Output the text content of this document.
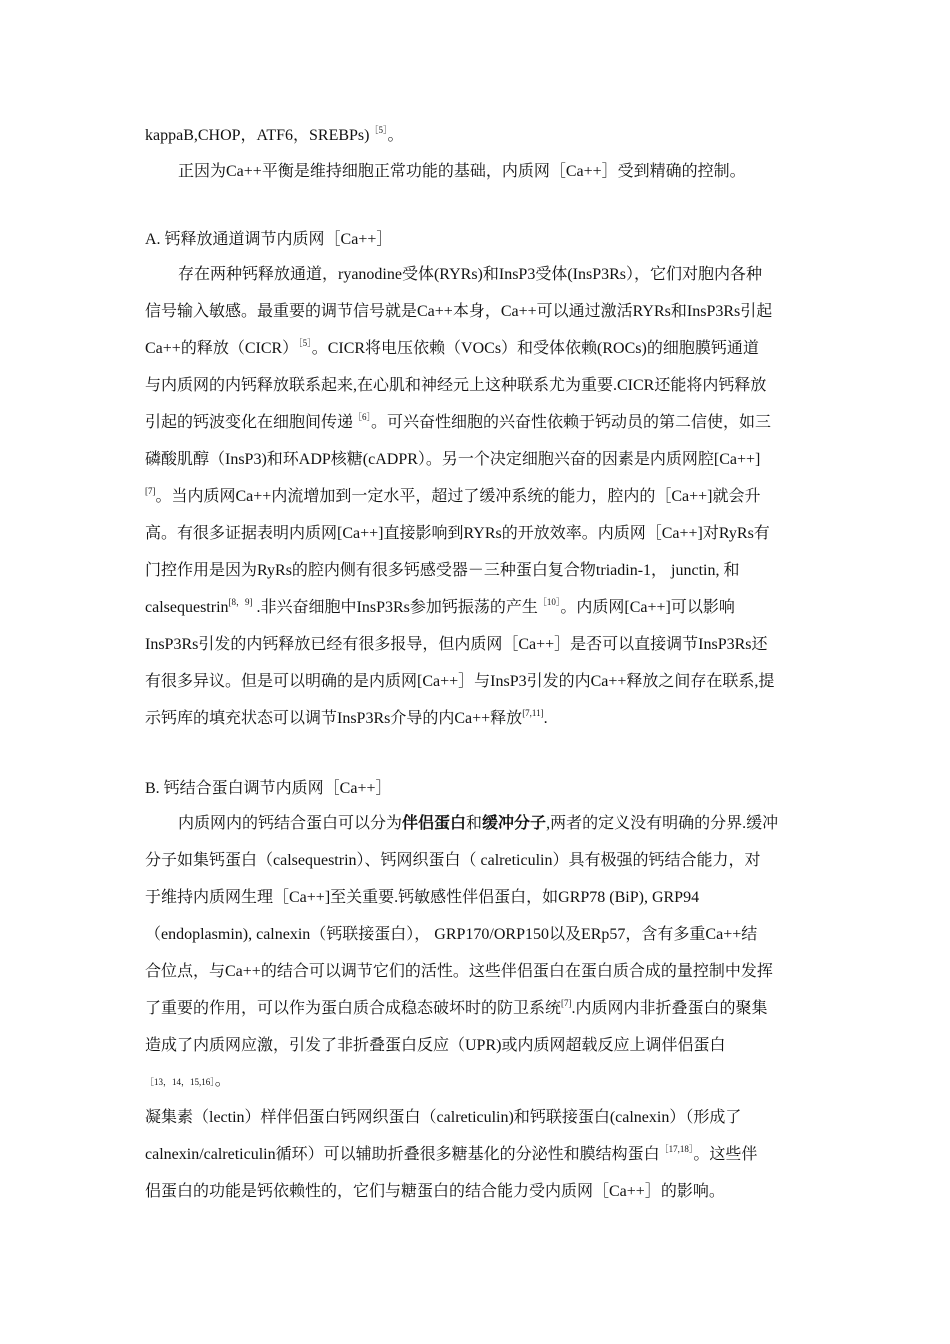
kappaB,CHOP，ATF6，SREBPs)$^{[5]}$。
正因为Ca++平衡是维持细胞正常功能的基础，内质网［Ca++］受到精确的控制。
A. 钙释放通道调节内质网［Ca++］
存在两种钙释放通道，ryanodine受体(RYRs)和InsP3受体(InsP3Rs），它们对胞内各种
信号输入敏感。最重要的调节信号就是Ca++本身，Ca++可以通过激活RYRs和InsP3Rs引起
Ca++的释放（CICR）$^{[5]}$。CICR将电压依赖（VOCs）和受体依赖(ROCs)的细胞膜钙通道
与内质网的内钙释放联系起来,在心肌和神经元上这种联系尤为重要.CICR还能将内钙释放
引起的钙波变化在细胞间传递$^{[6]}$。可兴奋性细胞的兴奋性依赖于钙动员的第二信使，如三
磷酸肌醇（InsP3)和环ADP核糖(cADPR）。另一个决定细胞兴奋的因素是内质网腔[Ca++]
[7]。当内质网Ca++内流增加到一定水平，超过了缓冲系统的能力，腔内的［Ca++]就会升
高。有很多证据表明内质网[Ca++]直接影响到RYRs的开放效率。内质网［Ca++]对RyRs有
门控作用是因为RyRs的腔内侧有很多钙感受器－三种蛋白复合物triadin-1， junctin, 和
calsequestrin[8，9] .非兴奋细胞中InsP3Rs参加钙振荡的产生$^{[10]}$。内质网[Ca++]可以影响
InsP3Rs引发的内钙释放已经有很多报导，但内质网［Ca++］是否可以直接调节InsP3Rs还
有很多异议。但是可以明确的是内质网[Ca++］与InsP3引发的内Ca++释放之间存在联系,提
示钙库的填充状态可以调节InsP3Rs介导的内Ca++释放[7,11].
B. 钙结合蛋白调节内质网［Ca++］
内质网内的钙结合蛋白可以分为伴侣蛋白和缓冲分子,两者的定义没有明确的分界.缓冲
分子如集钙蛋白（calsequestrin）、钙网织蛋白（ calreticulin）具有极强的钙结合能力，对
于维持内质网生理［Ca++]至关重要.钙敏感性伴侣蛋白，如GRP78 (BiP), GRP94
（endoplasmin), calnexin（钙联接蛋白）， GRP170/ORP150以及ERp57，含有多重Ca++结
合位点，与Ca++的结合可以调节它们的活性。这些伴侣蛋白在蛋白质合成的量控制中发挥
了重要的作用，可以作为蛋白质合成稳态破坏时的防卫系统[7].内质网内非折叠蛋白的聚集
造成了内质网应激，引发了非折叠蛋白反应（UPR)或内质网超载反应上调伴侣蛋白
［13，14，15,16］。
凝集素（lectin）样伴侣蛋白钙网织蛋白（calreticulin)和钙联接蛋白(calnexin）（形成了
calnexin/calreticulin循环）可以辅助折叠很多糖基化的分泌性和膜结构蛋白$^{[17,18]}$。这些伴
侣蛋白的功能是钙依赖性的，它们与糖蛋白的结合能力受内质网［Ca++］的影响。
